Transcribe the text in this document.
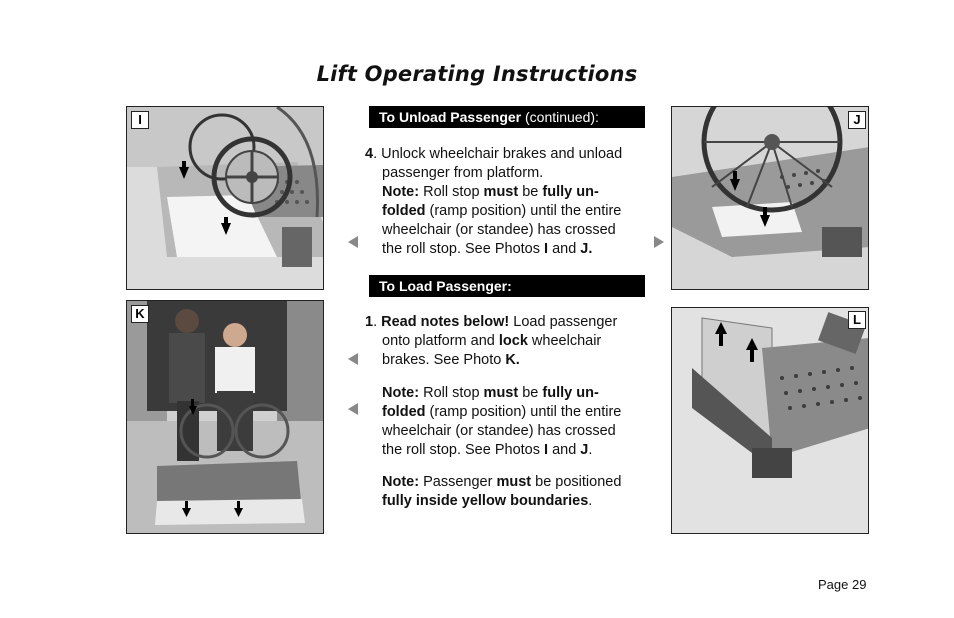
Lift Operating Instructions
I	J
K	L
To Unload Passenger (continued):
4. Unlock wheelchair brakes and unload
passenger from platform.
Note: Roll stop must be fully un-
folded (ramp position) until the entire
wheelchair (or standee) has crossed
the roll stop. See Photos I and J.
To Load Passenger:
1. Read notes below! Load passenger
onto platform and lock wheelchair
brakes. See Photo K.
Note: Roll stop must be fully un-
folded (ramp position) until the entire
wheelchair (or standee) has crossed
the roll stop. See Photos I and J.
Note: Passenger must be positioned
fully inside yellow boundaries.
Page 29
